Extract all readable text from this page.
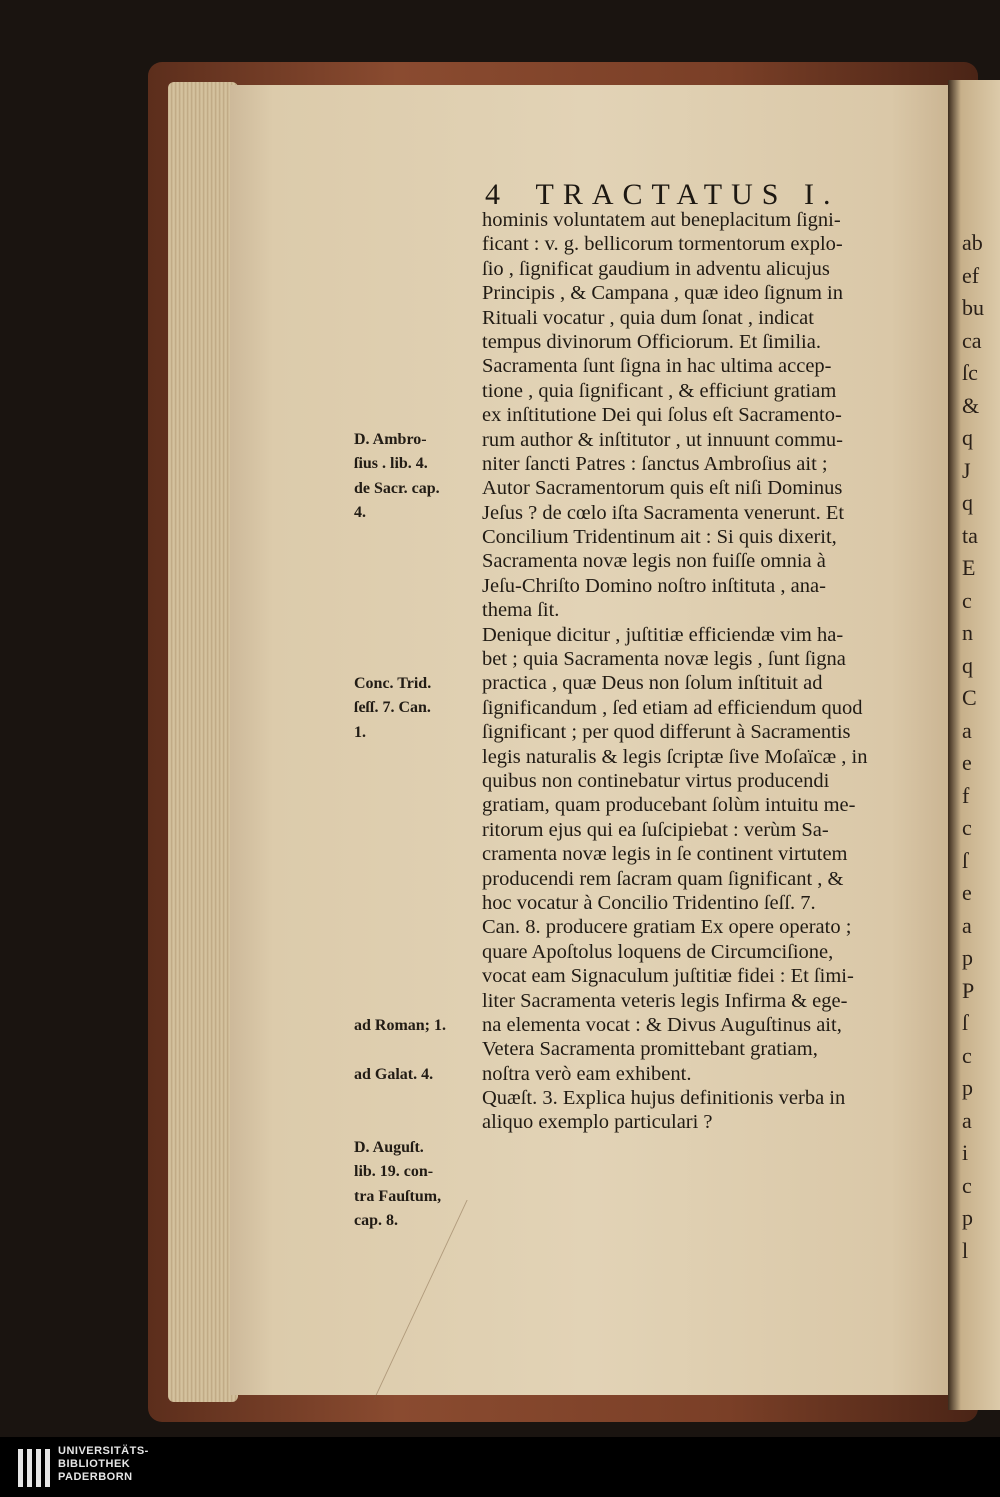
ab
ef
bu
ca
ſc
&
q
J
q
ta
E
c
n
q
C
a
e
f
c
ſ
e
a
p
P
ſ
c
p
a
i
c
p
l
4 TRACTATUS I.
hominis voluntatem aut beneplacitum ſigni-
ficant : v. g. bellicorum tormentorum explo-
ſio , ſignificat gaudium in adventu alicujus
Principis , & Campana , quæ ideo ſignum in
Rituali vocatur , quia dum ſonat , indicat
tempus divinorum Officiorum. Et ſimilia.
Sacramenta ſunt ſigna in hac ultima accep-
tione , quia ſignificant , & efficiunt gratiam
ex inſtitutione Dei qui ſolus eſt Sacramento-
rum author & inſtitutor , ut innuunt commu-
niter ſancti Patres : ſanctus Ambroſius ait ;
Autor Sacramentorum quis eſt niſi Dominus
Jeſus ? de cœlo iſta Sacramenta venerunt. Et
Concilium Tridentinum ait : Si quis dixerit,
Sacramenta novæ legis non fuiſſe omnia à
Jeſu-Chriſto Domino noſtro inſtituta , ana-
thema ſit.
Denique dicitur , juſtitiæ efficiendæ vim ha-
bet ; quia Sacramenta novæ legis , ſunt ſigna
practica , quæ Deus non ſolum inſtituit ad
ſignificandum , ſed etiam ad efficiendum quod
ſignificant ; per quod differunt à Sacramentis
legis naturalis & legis ſcriptæ ſive Moſaïcæ , in
quibus non continebatur virtus producendi
gratiam, quam producebant ſolùm intuitu me-
ritorum ejus qui ea ſuſcipiebat : verùm Sa-
cramenta novæ legis in ſe continent virtutem
producendi rem ſacram quam ſignificant , &
hoc vocatur à Concilio Tridentino ſeſſ. 7.
Can. 8. producere gratiam Ex opere operato ;
quare Apoſtolus loquens de Circumciſione,
vocat eam Signaculum juſtitiæ fidei : Et ſimi-
liter Sacramenta veteris legis Infirma & ege-
na elementa vocat : & Divus Auguſtinus ait,
Vetera Sacramenta promittebant gratiam,
noſtra verò eam exhibent.
Quæſt. 3. Explica hujus definitionis verba in
aliquo exemplo particulari ?
D. Ambro-
ſius . lib. 4.
de Sacr. cap.
4.
Conc. Trid.
ſeſſ. 7. Can.
1.
ad Roman; 1.
ad Galat. 4.
D. Auguſt.
lib. 19. con-
tra Fauſtum,
cap. 8.
UNIVERSITÄTS-
BIBLIOTHEK
PADERBORN
